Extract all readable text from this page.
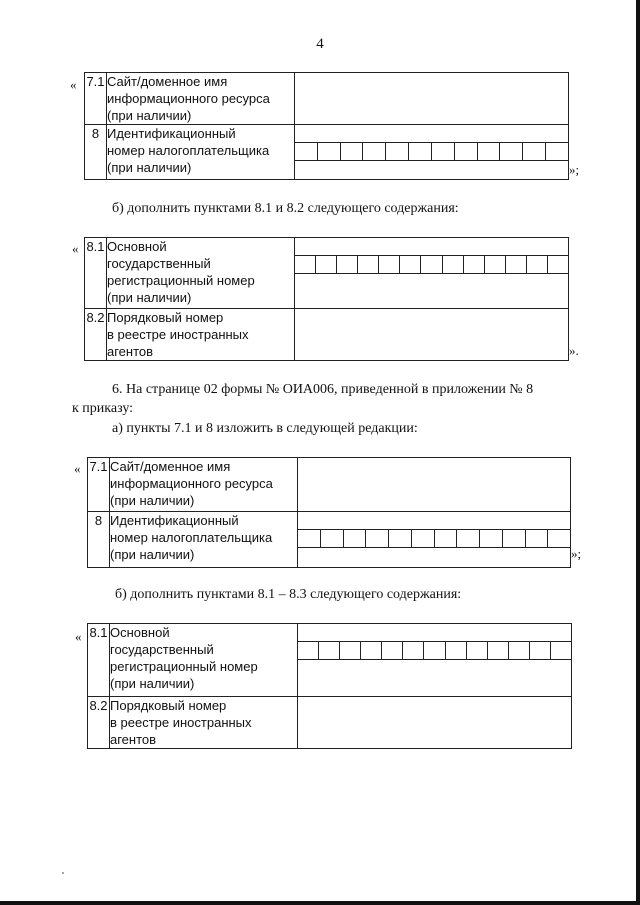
4
« 7.1	Сайт/доменное имя
информационного ресурса
(при наличии)	

8	Идентификационный
номер налогоплательщика
(при наличии)	
		»;
б) дополнить пунктами 8.1 и 8.2 следующего содержания:
« 8.1	Основной
государственный
регистрационный номер
(при наличии)	

8.2	Порядковый номер
в реестре иностранных
агентов	
		».
6. На странице 02 формы № ОИА006, приведенной в приложении № 8
к приказу:
а) пункты 7.1 и 8 изложить в следующей редакции:
« 7.1	Сайт/доменное имя
информационного ресурса
(при наличии)	

8	Идентификационный
номер налогоплательщика
(при наличии)	
		»;
б) дополнить пунктами 8.1 – 8.3 следующего содержания:
« 8.1	Основной
государственный
регистрационный номер
(при наличии)	

8.2	Порядковый номер
в реестре иностранных
агентов	
